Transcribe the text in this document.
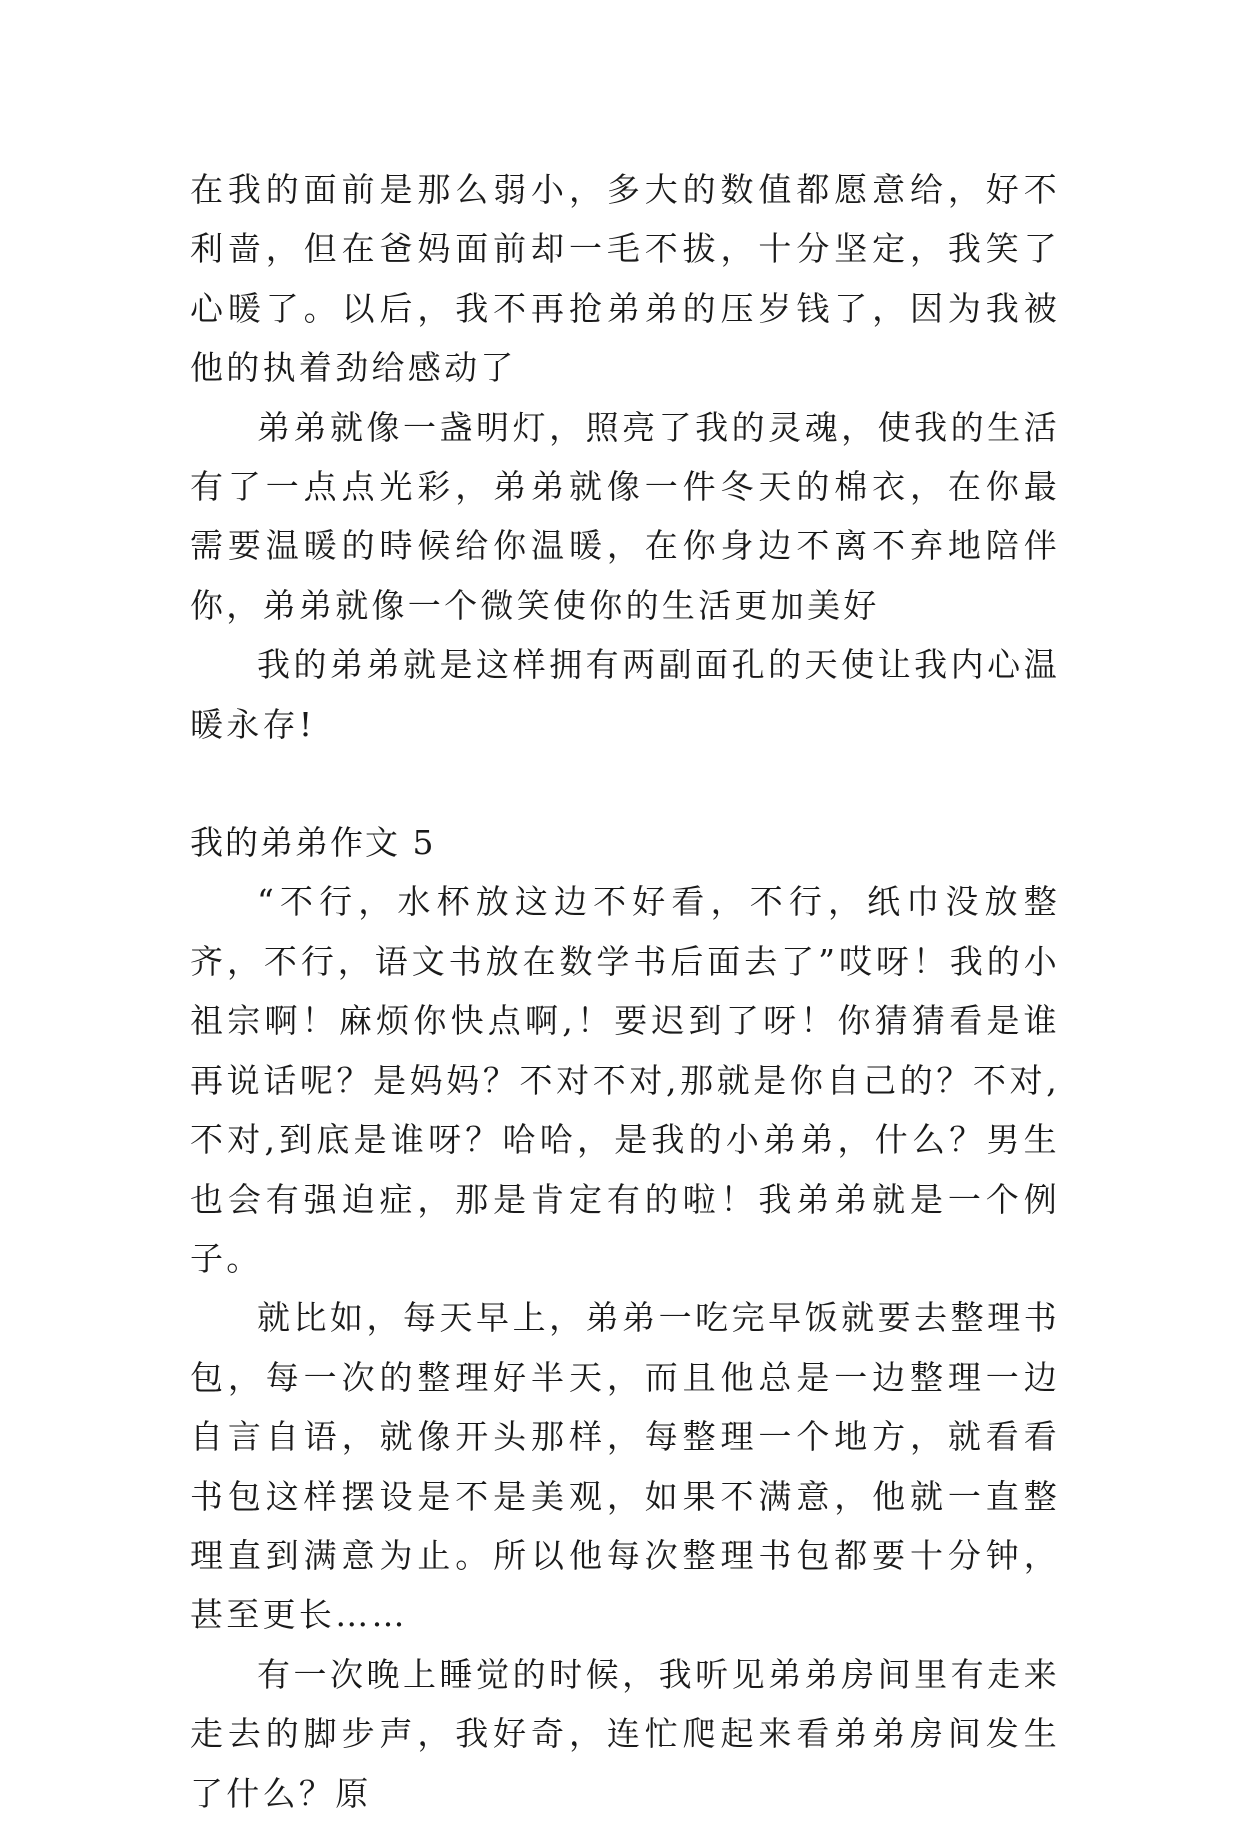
在我的面前是那么弱小，多大的数值都愿意给，好不利啬，但在爸妈面前却一毛不拔，十分坚定，我笑了心暖了。以后，我不再抢弟弟的压岁钱了，因为我被他的执着劲给感动了

弟弟就像一盏明灯，照亮了我的灵魂，使我的生活有了一点点光彩，弟弟就像一件冬天的棉衣，在你最需要温暖的時候给你温暖，在你身边不离不弃地陪伴你，弟弟就像一个微笑使你的生活更加美好

我的弟弟就是这样拥有两副面孔的天使让我内心温暖永存!

我的弟弟作文 5

“不行，水杯放这边不好看，不行，纸巾没放整齐，不行，语文书放在数学书后面去了”哎呀！我的小祖宗啊！麻烦你快点啊,！要迟到了呀！你猜猜看是谁再说话呢？是妈妈？不对不对,那就是你自己的？不对,不对,到底是谁呀？哈哈，是我的小弟弟，什么？男生也会有强迫症，那是肯定有的啦！我弟弟就是一个例子。

就比如，每天早上，弟弟一吃完早饭就要去整理书包，每一次的整理好半天，而且他总是一边整理一边自言自语，就像开头那样，每整理一个地方，就看看书包这样摆设是不是美观，如果不满意，他就一直整理直到满意为止。所以他每次整理书包都要十分钟，甚至更长……

有一次晚上睡觉的时候，我听见弟弟房间里有走来走去的脚步声，我好奇，连忙爬起来看弟弟房间发生了什么？原
